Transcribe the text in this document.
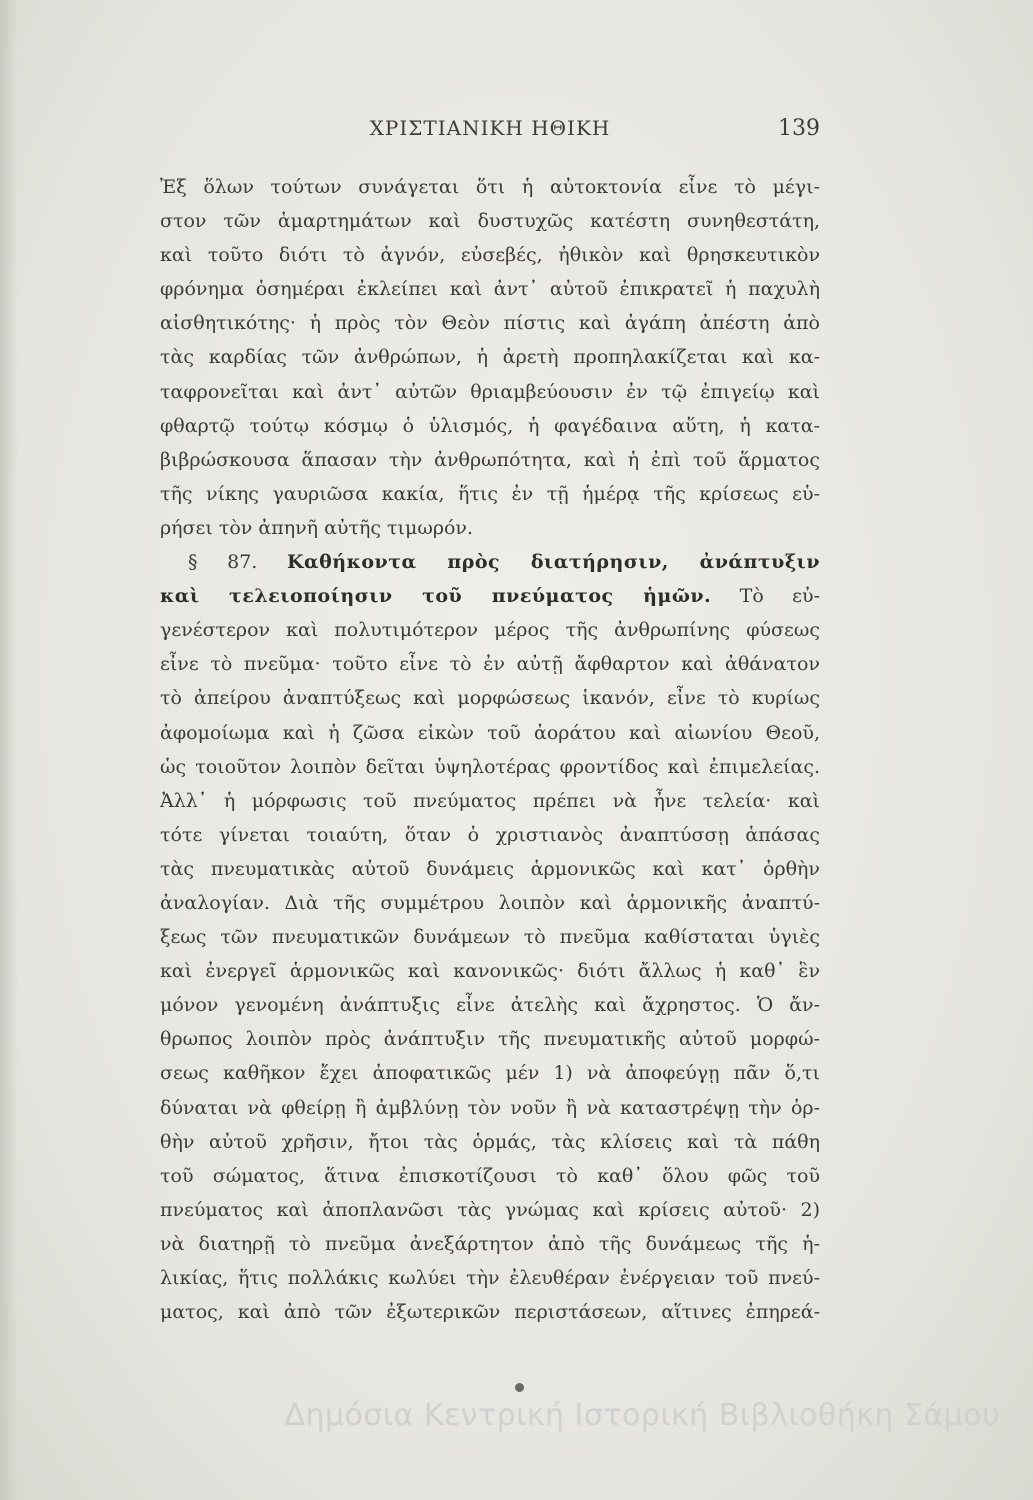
ΧΡΙΣΤΙΑΝΙΚΗ ΗΘΙΚΗ	139
Ἐξ ὅλων τούτων συνάγεται ὅτι ἡ αὐτοκτονία εἶνε τὸ μέγι-
στον τῶν ἁμαρτημάτων καὶ δυστυχῶς κατέστη συνηθεστάτη,
καὶ τοῦτο διότι τὸ ἁγνόν, εὐσεβές, ἠθικὸν καὶ θρησκευτικὸν
φρόνημα ὁσημέραι ἐκλείπει καὶ ἀντ᾽ αὐτοῦ ἐπικρατεῖ ἡ παχυλὴ
αἰσθητικότης· ἡ πρὸς τὸν Θεὸν πίστις καὶ ἀγάπη ἀπέστη ἀπὸ
τὰς καρδίας τῶν ἀνθρώπων, ἡ ἀρετὴ προπηλακίζεται καὶ κα-
ταφρονεῖται καὶ ἀντ᾽ αὐτῶν θριαμβεύουσιν ἐν τῷ ἐπιγείῳ καὶ
φθαρτῷ τούτῳ κόσμῳ ὁ ὑλισμός, ἡ φαγέδαινα αὕτη, ἡ κατα-
βιβρώσκουσα ἅπασαν τὴν ἀνθρωπότητα, καὶ ἡ ἐπὶ τοῦ ἅρματος
τῆς νίκης γαυριῶσα κακία, ἥτις ἐν τῇ ἡμέρᾳ τῆς κρίσεως εὑ-
ρήσει τὸν ἀπηνῆ αὐτῆς τιμωρόν.
§ 87. Καθήκοντα πρὸς διατήρησιν, ἀνάπτυξιν
καὶ τελειοποίησιν τοῦ πνεύματος ἡμῶν. Τὸ εὐ-
γενέστερον καὶ πολυτιμότερον μέρος τῆς ἀνθρωπίνης φύσεως
εἶνε τὸ πνεῦμα· τοῦτο εἶνε τὸ ἐν αὐτῇ ἄφθαρτον καὶ ἀθάνατον
τὸ ἀπείρου ἀναπτύξεως καὶ μορφώσεως ἱκανόν, εἶνε τὸ κυρίως
ἀφομοίωμα καὶ ἡ ζῶσα εἰκὼν τοῦ ἀοράτου καὶ αἰωνίου Θεοῦ,
ὡς τοιοῦτον λοιπὸν δεῖται ὑψηλοτέρας φροντίδος καὶ ἐπιμελείας.
Ἀλλ᾽ ἡ μόρφωσις τοῦ πνεύματος πρέπει νὰ ἦνε τελεία· καὶ
τότε γίνεται τοιαύτη, ὅταν ὁ χριστιανὸς ἀναπτύσσῃ ἁπάσας
τὰς πνευματικὰς αὐτοῦ δυνάμεις ἁρμονικῶς καὶ κατ᾽ ὀρθὴν
ἀναλογίαν. Διὰ τῆς συμμέτρου λοιπὸν καὶ ἁρμονικῆς ἀναπτύ-
ξεως τῶν πνευματικῶν δυνάμεων τὸ πνεῦμα καθίσταται ὑγιὲς
καὶ ἐνεργεῖ ἁρμονικῶς καὶ κανονικῶς· διότι ἄλλως ἡ καθ᾽ ἓν
μόνον γενομένη ἀνάπτυξις εἶνε ἀτελὴς καὶ ἄχρηστος. Ὁ ἄν-
θρωπος λοιπὸν πρὸς ἀνάπτυξιν τῆς πνευματικῆς αὐτοῦ μορφώ-
σεως καθῆκον ἔχει ἀποφατικῶς μέν 1) νὰ ἀποφεύγῃ πᾶν ὅ,τι
δύναται νὰ φθείρῃ ἢ ἀμβλύνῃ τὸν νοῦν ἢ νὰ καταστρέψῃ τὴν ὀρ-
θὴν αὐτοῦ χρῆσιν, ἤτοι τὰς ὁρμάς, τὰς κλίσεις καὶ τὰ πάθη
τοῦ σώματος, ἅτινα ἐπισκοτίζουσι τὸ καθ᾽ ὅλου φῶς τοῦ
πνεύματος καὶ ἀποπλανῶσι τὰς γνώμας καὶ κρίσεις αὐτοῦ· 2)
νὰ διατηρῇ τὸ πνεῦμα ἀνεξάρτητον ἀπὸ τῆς δυνάμεως τῆς ἡ-
λικίας, ἥτις πολλάκις κωλύει τὴν ἐλευθέραν ἐνέργειαν τοῦ πνεύ-
ματος, καὶ ἀπὸ τῶν ἐξωτερικῶν περιστάσεων, αἵτινες ἐπηρεά-
Δημόσια Κεντρική Ιστορική Βιβλιοθήκη Σάμου
